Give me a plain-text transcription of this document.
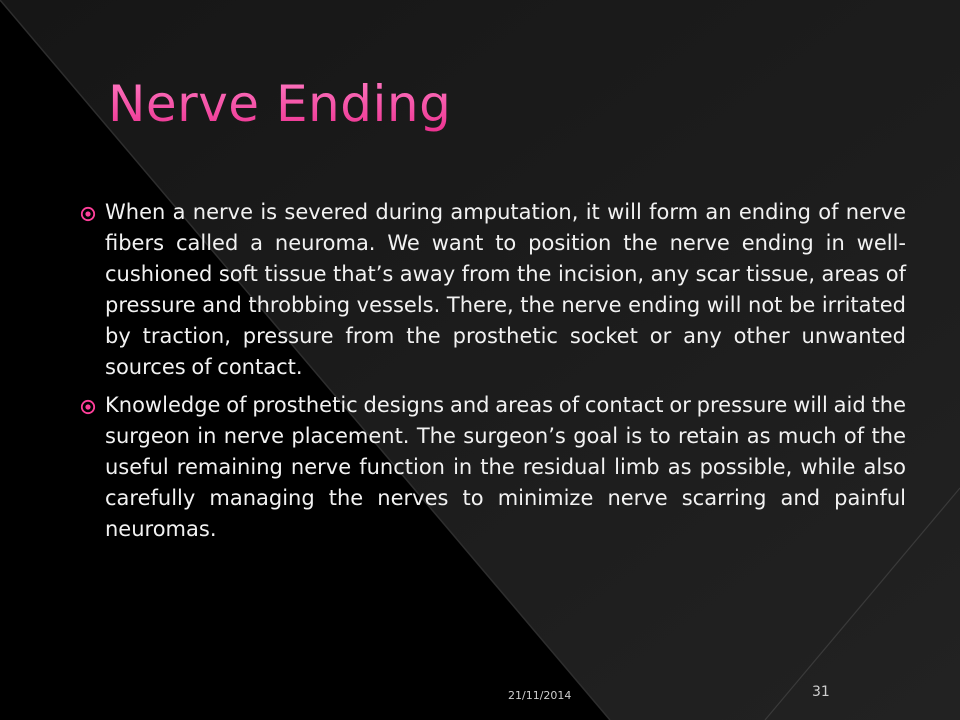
Nerve Ending
When a nerve is severed during amputation, it will form an ending of nerve fibers called a neuroma. We want to position the nerve ending in well-cushioned soft tissue that’s away from the incision, any scar tissue, areas of pressure and throbbing vessels. There, the nerve ending will not be irritated by traction, pressure from the prosthetic socket or any other unwanted sources of contact.
Knowledge of prosthetic designs and areas of contact or pressure will aid the surgeon in nerve placement. The surgeon’s goal is to retain as much of the useful remaining nerve function in the residual limb as possible, while also carefully managing the nerves to minimize nerve scarring and painful neuromas.
21/11/2014	31
